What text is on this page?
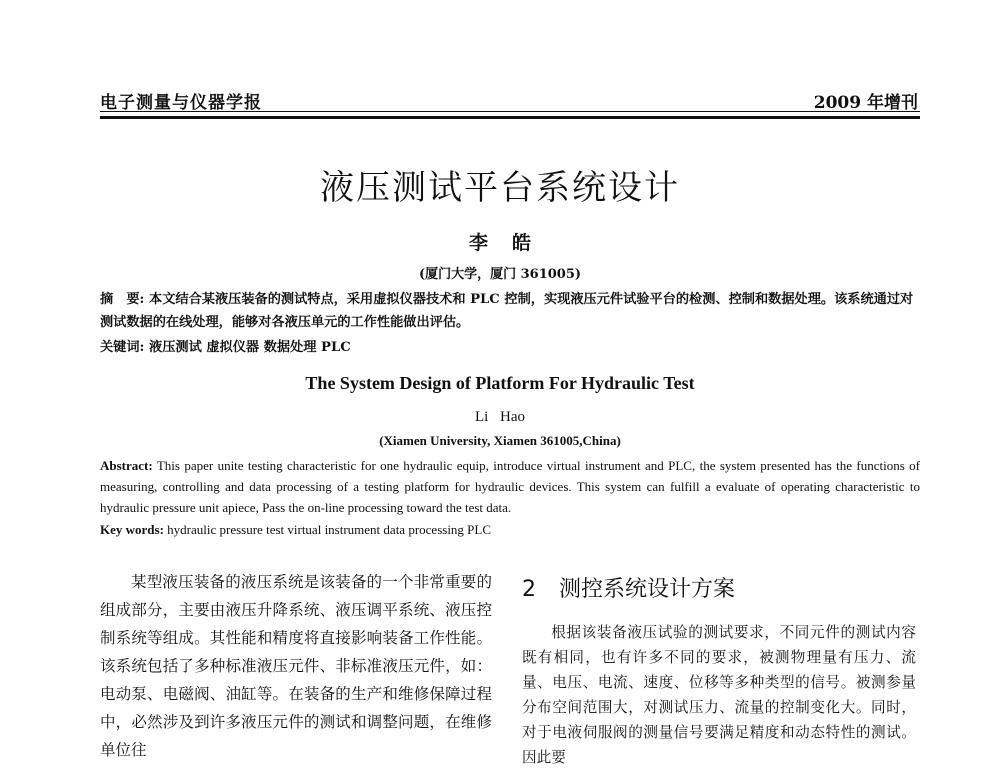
电子测量与仪器学报	2009 年增刊
液压测试平台系统设计
李皓
(厦门大学，厦门 361005)
摘　要: 本文结合某液压装备的测试特点，采用虚拟仪器技术和 PLC 控制，实现液压元件试验平台的检测、控制和数据处理。该系统通过对测试数据的在线处理，能够对各液压单元的工作性能做出评估。
关键词: 液压测试 虚拟仪器 数据处理 PLC
The System Design of Platform For Hydraulic Test
Li Hao
(Xiamen University, Xiamen 361005,China)
Abstract: This paper unite testing characteristic for one hydraulic equip, introduce virtual instrument and PLC, the system presented has the functions of measuring, controlling and data processing of a testing platform for hydraulic devices. This system can fulfill a evaluate of operating characteristic to hydraulic pressure unit apiece, Pass the on-line processing toward the test data.
Key words: hydraulic pressure test virtual instrument data processing PLC

某型液压装备的液压系统是该装备的一个非常重要的组成部分，主要由液压升降系统、液压调平系统、液压控制系统等组成。其性能和精度将直接影响装备工作性能。该系统包括了多种标准液压元件、非标准液压元件，如：电动泵、电磁阀、油缸等。在装备的生产和维修保障过程中，必然涉及到许多液压元件的测试和调整问题，在维修单位往

2 测控系统设计方案

根据该装备液压试验的测试要求，不同元件的测试内容既有相同，也有许多不同的要求，被测物理量有压力、流量、电压、电流、速度、位移等多种类型的信号。被测参量分布空间范围大，对测试压力、流量的控制变化大。同时，对于电液伺服阀的测量信号要满足精度和动态特性的测试。因此要
